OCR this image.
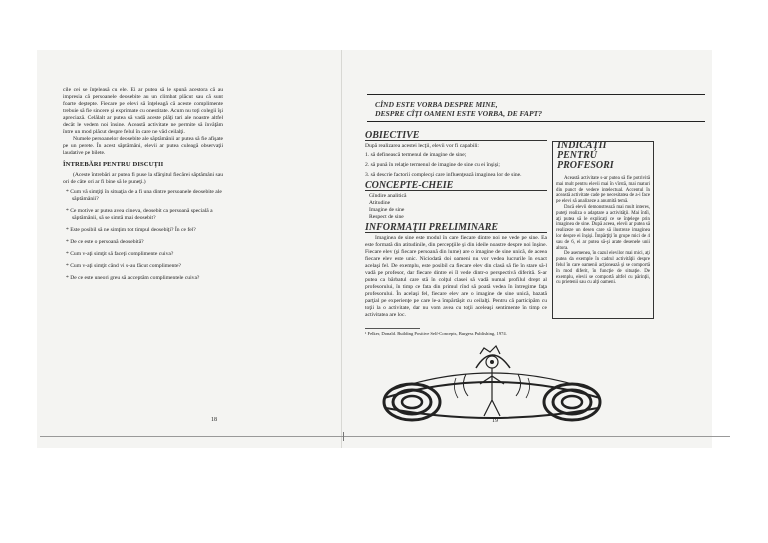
cile cei se înţeleasă cu ele. Ei ar putea să le spună acestora că au impresia că persoanele deosebite au un climbat plăcut sau că sunt foarte deştepte. Fiecare pe elevi să înţeleagă că aceste complimente trebuie să fie sincere şi exprimate cu onestitate. Acum nu toţi colegii îşi apreciază. Celălalt ar putea să vadă aceste plăţi tari ale noastre altfel decât le vedem noi însine. Această activitate ne permite să învăţăm între un mod plăcut despre felul în care ne văd ceilalţi.

Numele persoanelor deosebite ale săptămânii ar putea să fie afişate pe un perete. În acest săptămâni, elevii ar putea culeagă observaţii laudative pe bilete.

ÎNTREBĂRI PENTRU DISCUŢII

(Aceste întrebări ar putea fi puse la sfârşitul fiecărei săptămâni sau ori de câte ori ar fi bine să le puneţi.)

* Cum vă simţiţi în situaţia de a fi una dintre persoanele deosebite ale săptămânii?
* Ce motive ar putea avea cineva, deosebit ca persoană specială a săptămânii, să se simtă mai deosebit?
* Este posibil să ne simţim tot timpul deosebiţi? În ce fel?
* De ce este o persoană deosebită?
* Cum v-aţi simţit să faceţi complimente cuiva?
* Cum v-aţi simţit când vi s-au făcut complimente?
* De ce este uneori greu să acceptăm complimentele cuiva?
18
CÎND ESTE VORBA DESPRE MINE,
DESPRE CÎŢI OAMENI ESTE VORBA, DE FAPT?
OBIECTIVE

După realizarea acestei lecţii, elevii vor fi capabili:

1. să definească termenul de imagine de sine;
2. să pună în relaţie termenul de imagine de sine cu ei înşişi;
3. să descrie factorii complecşi care influenţează imaginea lor de sine.
CONCEPTE-CHEIE
Gîndire analitică
Atitudine
Imagine de sine
Respect de sine
INFORMAŢII PRELIMINARE

Imaginea de sine este modul în care fiecare dintre noi ne vede pe sine. Ea este formată din atitudinile, din percepţiile şi din ideile noastre despre noi înşine. Fiecare elev (şi fiecare persoană din lume) are o imagine de sine unică, de aceea fiecare elev este unic. Niciodată doi oameni nu vor vedea lucrurile în exact acelaşi fel. De exemplu, este posibil ca fiecare elev din clasă să fie în stare să-l vadă pe profesor, dar fiecare dintre ei îl vede dintr-o perspectivă diferită. S-ar putea ca bărbatul care stă în colţul clasei să vadă numai profilul drept al profesorului, în timp ce fata din primul rînd să poată vedea în întregime faţa profesorului. În acelaşi fel, fiecare elev are o imagine de sine unică, bazată parţial pe experienţe pe care le-a împărtăşit cu ceilalţi. Pentru că participăm cu toţii la o activitate, dar nu vom avea cu toţii aceleaşi sentimente în timp ce activitatea are loc.

¹ Felker, Donald. Building Positive Self-Concepts, Burgess Publishing, 1974.

INDICAŢII
PENTRU
PROFESORI

Această activitate s-ar putea să fie potrivită mai mult pentru elevii mai în vîrstă, mai maturi din punct de vedere intelectual. Accentul în această activitate cade pe necesitatea de a-i face pe elevi să analizeze a anumită temă.

Dacă elevii demonstrează mai mult interes, puteţi realiza o adaptare a activităţii. Mai întîi, aţi putea să le explicaţi ce se înţelege prin imaginea de sine. După aceea, elevii ar putea să realizeze un desen care să ilustreze imaginea lor despre ei înşişi. Împărţiţi în grupe mici de 4 sau de 6, ei ar putea să-şi arate desenele unii altora.

De asemenea, în cazul elevilor mai mici, aţi putea da exemple în cadrul activităţii despre felul în care oamenii acţionează şi se comportă în mod diferit, în funcţie de situaţie. De exemplu, elevii se comportă altfel cu părinţii, cu prietenii sau cu alţi oameni.

19
